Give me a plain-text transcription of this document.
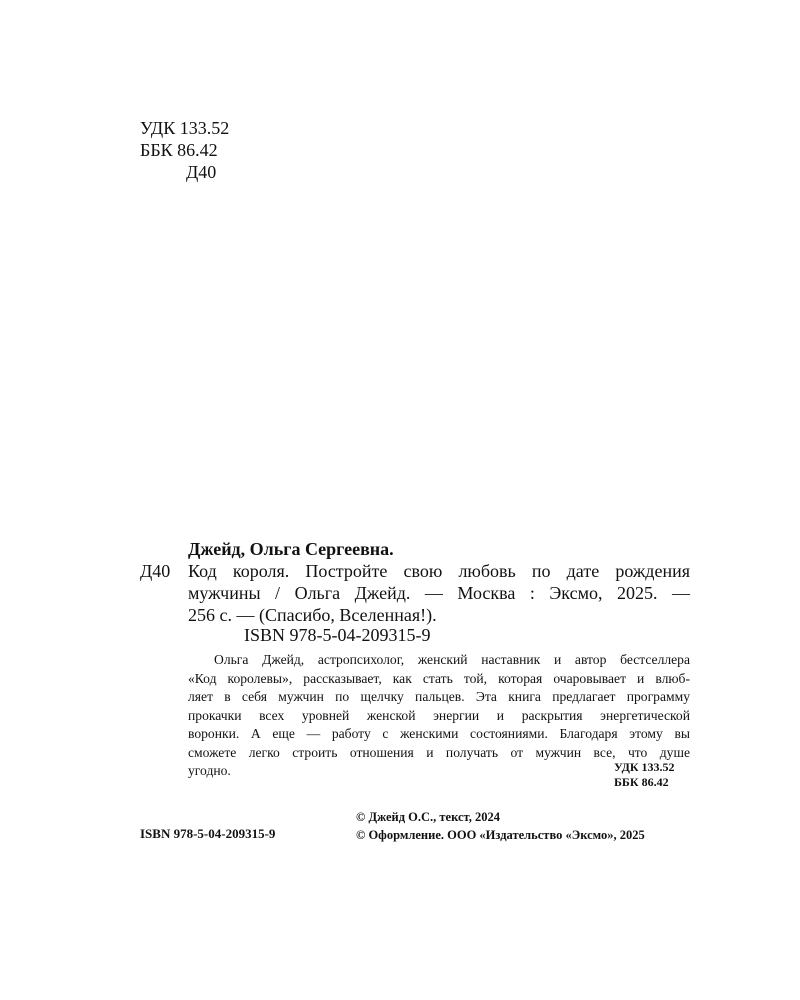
УДК 133.52
ББК 86.42
Д40
Джейд, Ольга Сергеевна.
Д40 Код короля. Постройте свою любовь по дате рождения
мужчины / Ольга Джейд. — Москва : Эксмо, 2025. —
256 с. — (Спасибо, Вселенная!).
ISBN 978-5-04-209315-9
Ольга Джейд, астропсихолог, женский наставник и автор бестселлера
«Код королевы», рассказывает, как стать той, которая очаровывает и влюб-
ляет в себя мужчин по щелчку пальцев. Эта книга предлагает программу
прокачки всех уровней женской энергии и раскрытия энергетической
воронки. А еще — работу с женскими состояниями. Благодаря этому вы
сможете легко строить отношения и получать от мужчин все, что душе
угодно.	УДК 133.52
ББК 86.42
ISBN 978-5-04-209315-9
© Джейд О.С., текст, 2024
© Оформление. ООО «Издательство «Эксмо», 2025
